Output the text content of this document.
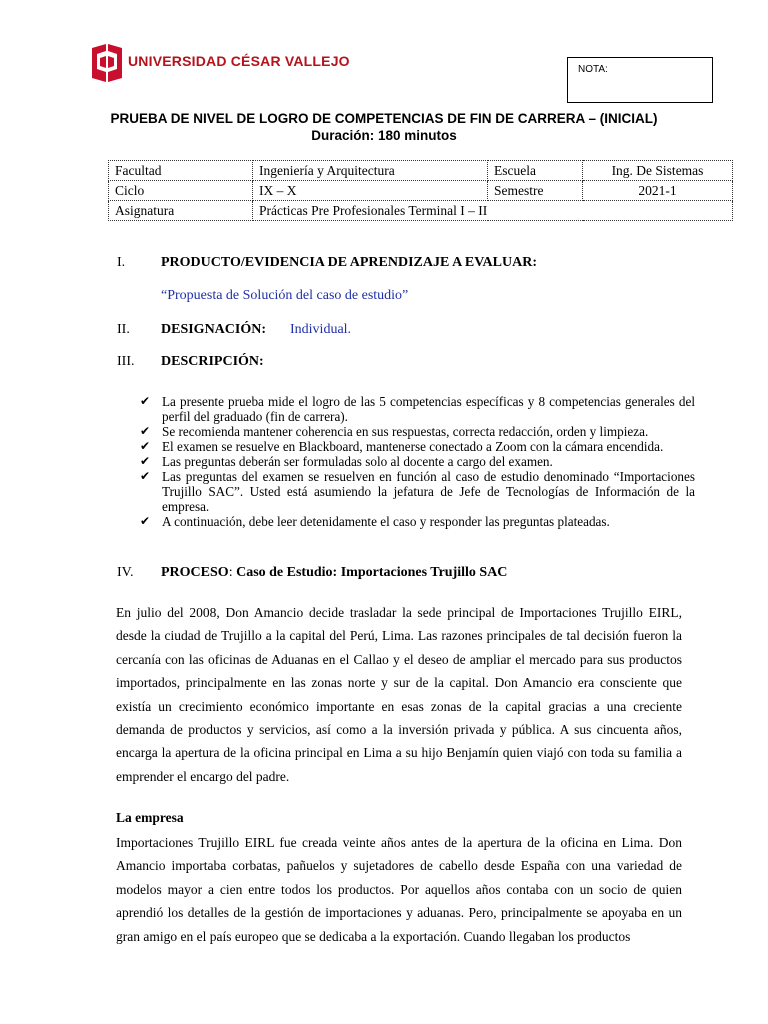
UNIVERSIDAD CÉSAR VALLEJO
NOTA:
PRUEBA DE NIVEL DE LOGRO DE COMPETENCIAS DE FIN DE CARRERA – (INICIAL)
Duración: 180 minutos
Facultad	Ingeniería y Arquitectura	Escuela	Ing. De Sistemas
Ciclo	IX – X	Semestre	2021-1
Asignatura	Prácticas Pre Profesionales Terminal I – II		
I.	PRODUCTO/EVIDENCIA DE APRENDIZAJE A EVALUAR:
“Propuesta de Solución del caso de estudio”
II.	DESIGNACIÓN: Individual.
III.	DESCRIPCIÓN:
✔ La presente prueba mide el logro de las 5 competencias específicas y 8 competencias generales del perfil del graduado (fin de carrera).
✔ Se recomienda mantener coherencia en sus respuestas, correcta redacción, orden y limpieza.
✔ El examen se resuelve en Blackboard, mantenerse conectado a Zoom con la cámara encendida.
✔ Las preguntas deberán ser formuladas solo al docente a cargo del examen.
✔ Las preguntas del examen se resuelven en función al caso de estudio denominado “Importaciones Trujillo SAC”. Usted está asumiendo la jefatura de Jefe de Tecnologías de Información de la empresa.
✔ A continuación, debe leer detenidamente el caso y responder las preguntas plateadas.
IV.	PROCESO: Caso de Estudio: Importaciones Trujillo SAC
En julio del 2008, Don Amancio decide trasladar la sede principal de Importaciones Trujillo EIRL, desde la ciudad de Trujillo a la capital del Perú, Lima. Las razones principales de tal decisión fueron la cercanía con las oficinas de Aduanas en el Callao y el deseo de ampliar el mercado para sus productos importados, principalmente en las zonas norte y sur de la capital. Don Amancio era consciente que existía un crecimiento económico importante en esas zonas de la capital gracias a una creciente demanda de productos y servicios, así como a la inversión privada y pública. A sus cincuenta años, encarga la apertura de la oficina principal en Lima a su hijo Benjamín quien viajó con toda su familia a emprender el encargo del padre.
La empresa
Importaciones Trujillo EIRL fue creada veinte años antes de la apertura de la oficina en Lima. Don Amancio importaba corbatas, pañuelos y sujetadores de cabello desde España con una variedad de modelos mayor a cien entre todos los productos. Por aquellos años contaba con un socio de quien aprendió los detalles de la gestión de importaciones y aduanas. Pero, principalmente se apoyaba en un gran amigo en el país europeo que se dedicaba a la exportación. Cuando llegaban los productos
